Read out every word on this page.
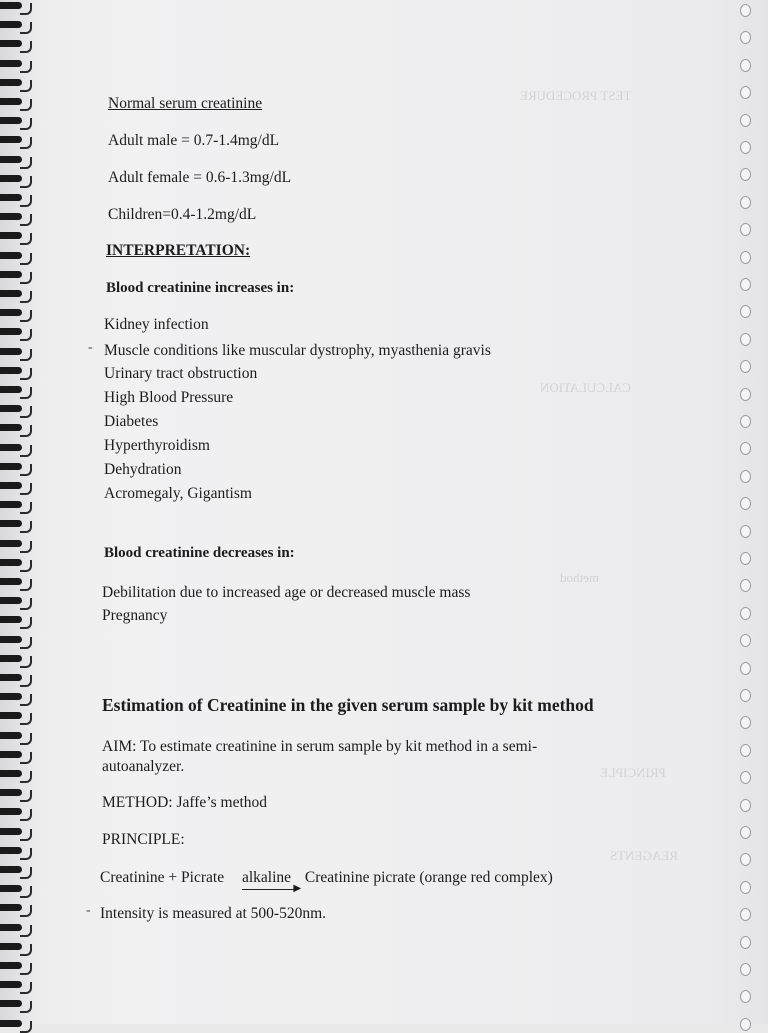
TEST PROCEDURE
CALCULATION
method
PRINCIPLE
REAGENTS
Normal serum creatinine
Adult male = 0.7-1.4mg/dL
Adult female = 0.6-1.3mg/dL
Children=0.4-1.2mg/dL
INTERPRETATION:
Blood creatinine increases in:
Kidney infection
- Muscle conditions like muscular dystrophy, myasthenia gravis
Urinary tract obstruction
High Blood Pressure
Diabetes
Hyperthyroidism
Dehydration
Acromegaly, Gigantism
Blood creatinine decreases in:
Debilitation due to increased age or decreased muscle mass
Pregnancy
Estimation of Creatinine in the given serum sample by kit method
AIM: To estimate creatinine in serum sample by kit method in a semi-
autoanalyzer.
METHOD: Jaffe’s method
PRINCIPLE:
Creatinine + Picrate alkaline
▶
Creatinine picrate (orange red complex)
- Intensity is measured at 500-520nm.
